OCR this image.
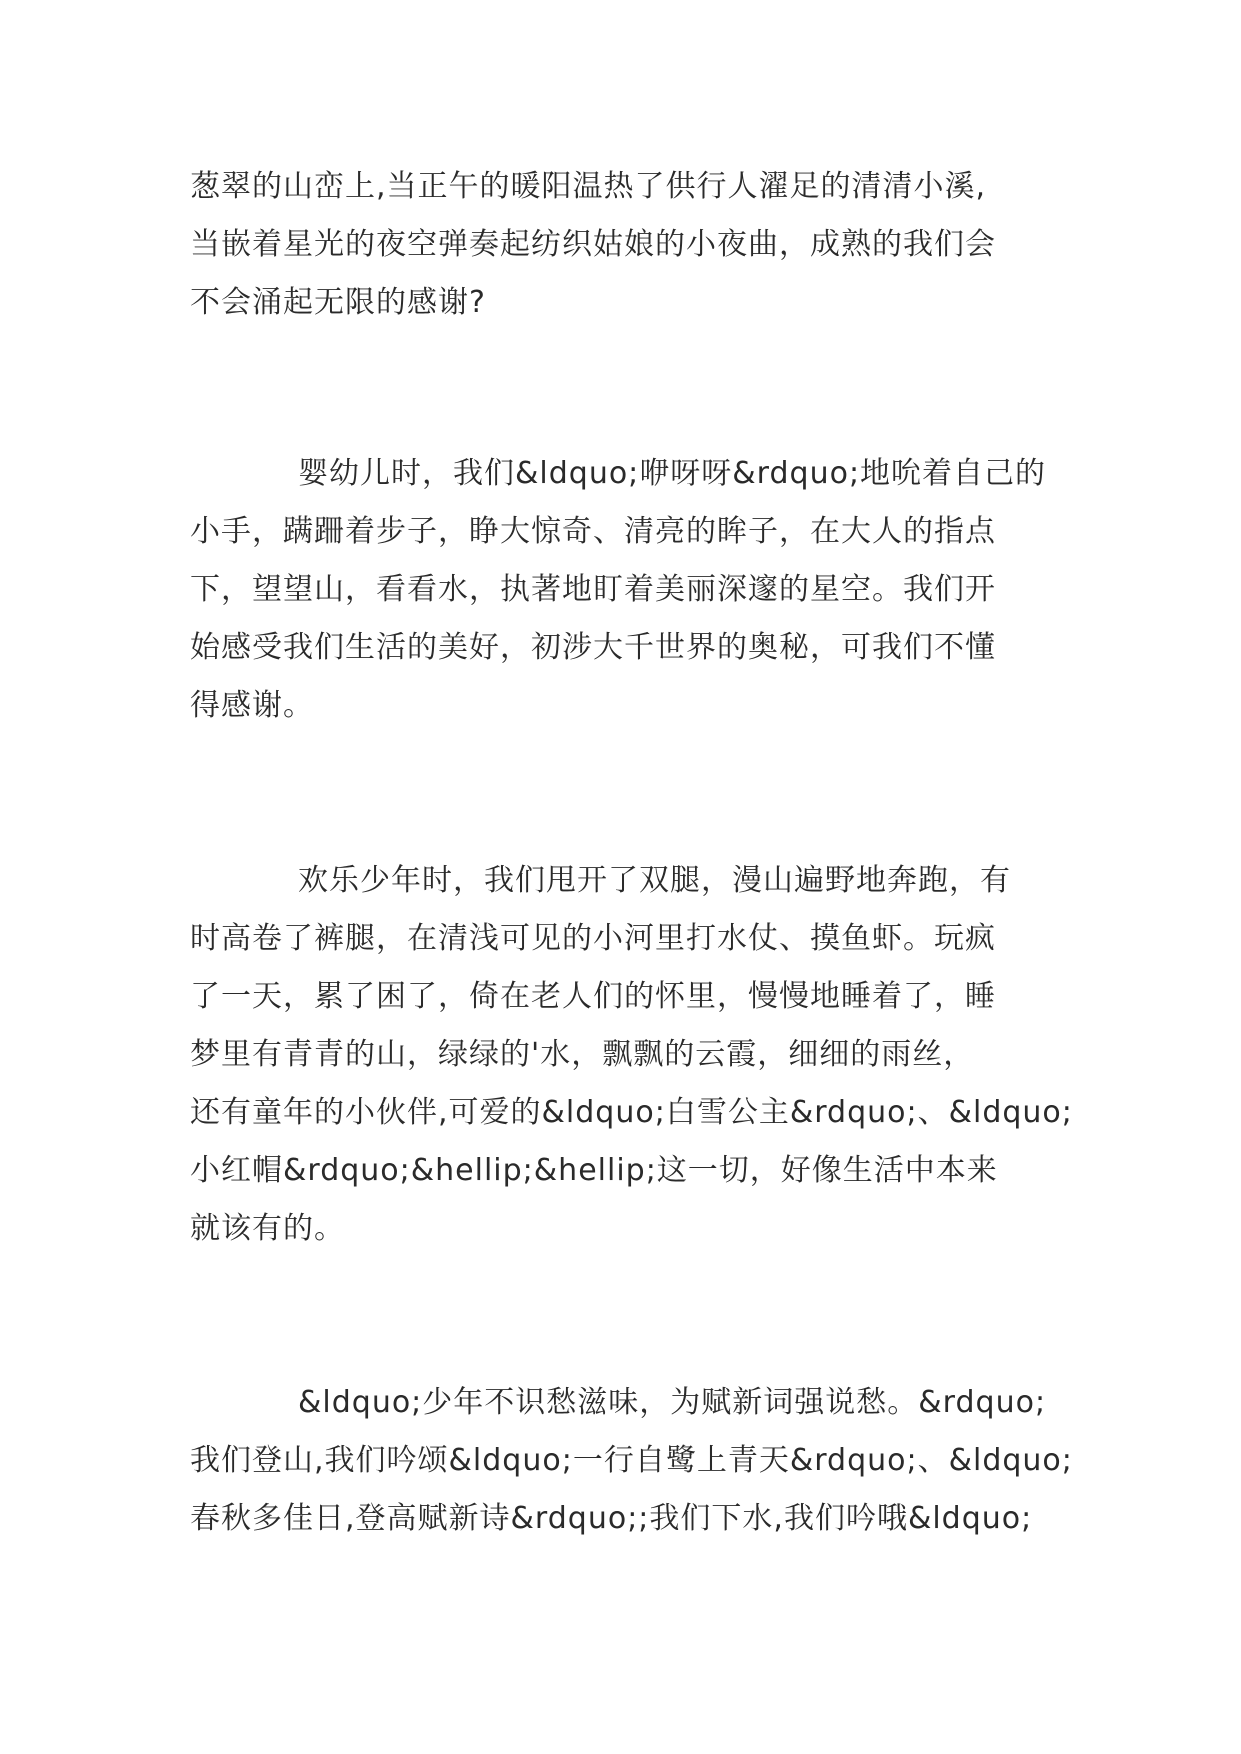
葱翠的山峦上,当正午的暖阳温热了供行人濯足的清清小溪,
当嵌着星光的夜空弹奏起纺织姑娘的小夜曲，成熟的我们会
不会涌起无限的感谢?
婴幼儿时，我们&ldquo;咿呀呀&rdquo;地吮着自己的
小手，蹒跚着步子，睁大惊奇、清亮的眸子，在大人的指点
下，望望山，看看水，执著地盯着美丽深邃的星空。我们开
始感受我们生活的美好，初涉大千世界的奥秘，可我们不懂
得感谢。
欢乐少年时，我们甩开了双腿，漫山遍野地奔跑，有
时高卷了裤腿，在清浅可见的小河里打水仗、摸鱼虾。玩疯
了一天，累了困了，倚在老人们的怀里，慢慢地睡着了，睡
梦里有青青的山，绿绿的'水，飘飘的云霞，细细的雨丝，
还有童年的小伙伴,可爱的&ldquo;白雪公主&rdquo;、&ldquo;
小红帽&rdquo;&hellip;&hellip;这一切，好像生活中本来
就该有的。
&ldquo;少年不识愁滋味，为赋新词强说愁。&rdquo;
我们登山,我们吟颂&ldquo;一行自鹭上青天&rdquo;、&ldquo;
春秋多佳日,登高赋新诗&rdquo;;我们下水,我们吟哦&ldquo;
